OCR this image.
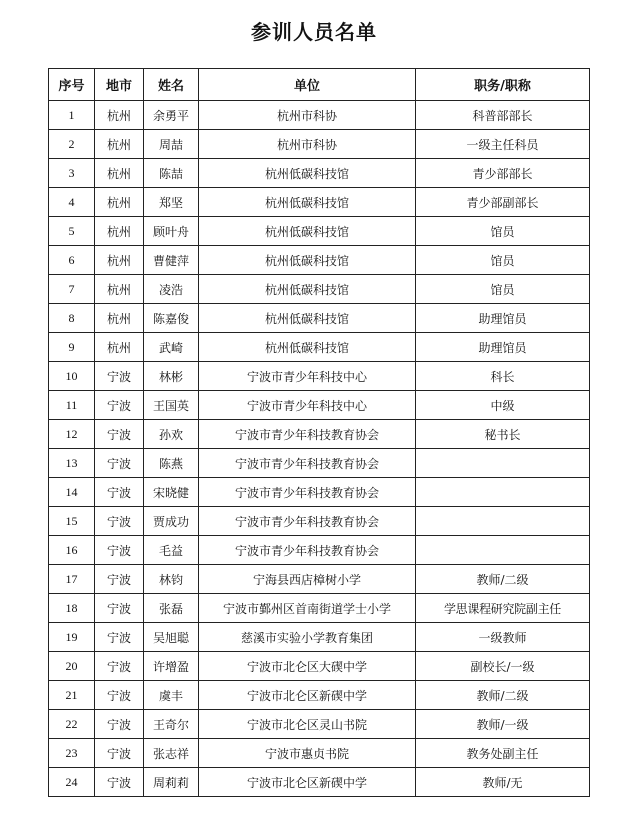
参训人员名单
序号	地市	姓名	单位	职务/职称
1	杭州	余勇平	杭州市科协	科普部部长
2	杭州	周喆	杭州市科协	一级主任科员
3	杭州	陈喆	杭州低碳科技馆	青少部部长
4	杭州	郑坚	杭州低碳科技馆	青少部副部长
5	杭州	顾叶舟	杭州低碳科技馆	馆员
6	杭州	曹健萍	杭州低碳科技馆	馆员
7	杭州	凌浩	杭州低碳科技馆	馆员
8	杭州	陈嘉俊	杭州低碳科技馆	助理馆员
9	杭州	武崎	杭州低碳科技馆	助理馆员
10	宁波	林彬	宁波市青少年科技中心	科长
11	宁波	王国英	宁波市青少年科技中心	中级
12	宁波	孙欢	宁波市青少年科技教育协会	秘书长
13	宁波	陈燕	宁波市青少年科技教育协会	
14	宁波	宋晓健	宁波市青少年科技教育协会	
15	宁波	贾成功	宁波市青少年科技教育协会	
16	宁波	毛益	宁波市青少年科技教育协会	
17	宁波	林钧	宁海县西店樟树小学	教师/二级
18	宁波	张磊	宁波市鄞州区首南街道学士小学	学思课程研究院副主任
19	宁波	吴旭聪	慈溪市实验小学教育集团	一级教师
20	宁波	许增盈	宁波市北仑区大碶中学	副校长/一级
21	宁波	虞丰	宁波市北仑区新碶中学	教师/二级
22	宁波	王奇尔	宁波市北仑区灵山书院	教师/一级
23	宁波	张志祥	宁波市惠贞书院	教务处副主任
24	宁波	周莉莉	宁波市北仑区新碶中学	教师/无
